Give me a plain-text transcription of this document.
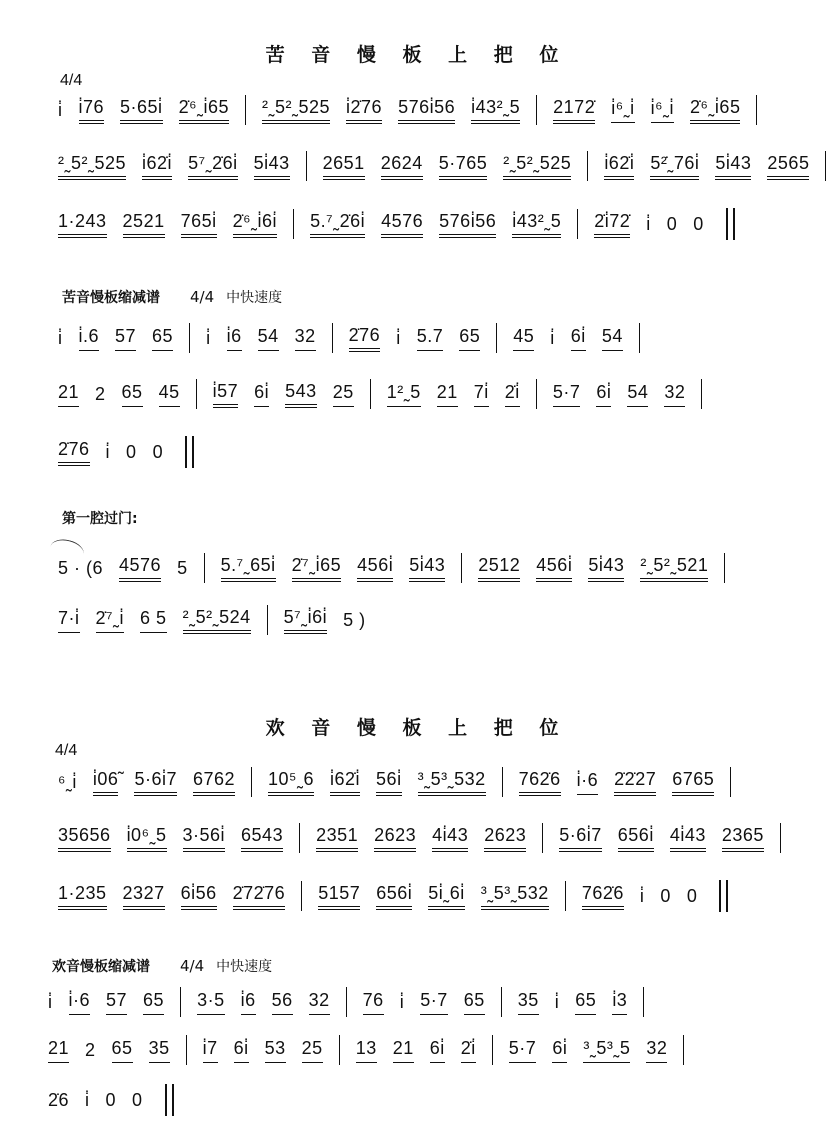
苦 音 慢 板 上 把 位
4/4
i̇ i̇76 5·65i̇ 2̇⁶˷i̇65 ²˷5²˷525 i̇2̇76 576i̇56 i̇43²˷5 2172̇ i̇⁶˷i̇ i̇⁶˷i̇ 2̇⁶˷i̇65
²˷5²˷525 i̇62̇i̇ 5⁷˷2̇6i̇ 5i̇43 2651 2624 5·765 ²˷5²˷525 i̇62̇i̇ 5²̇˷76i̇ 5i̇43 2565
1·243 2521 765i̇ 2̇⁶˷i̇6i̇ 5.⁷˷2̇6i̇ 4576 576i̇56 i̇43²˷5 2̇i̇72̇ i̇ 0 0
苦音慢板缩减谱 4/4 中快速度
i̇ i̇.6 57 65 i̇ i̇6 54 32 2̇76 i̇ 5.7 65 45 i̇ 6i̇ 54
21 2 65 45 i̇57 6i̇ 543 25 1²˷5 21 7i̇ 2̇i̇ 5·7 6i̇ 54 32
2̇76 i̇ 0 0
第一腔过门:
5 · (6 4576 5 5.⁷˷65i̇ 2̇⁷˷i̇65 456i̇ 5i̇43 2512 456i̇ 5i̇43 ²˷5²˷521
7·i̇ 2̇⁷˷i̇ 6 5 ²˷5²˷524 5⁷˷i̇6i̇ 5 )
欢 音 慢 板 上 把 位
4/4
⁶˷i̇ i̇06̃ 5·6i̇7 6762 10⁵˷6 i̇62̇i̇ 56i̇ ³˷5³˷532 762̇6 i̇·6 2̇2̇27 6765
35656 i̇0⁶˷5 3·56i̇ 6543 2351 2623 4i̇43 2623 5·6i̇7 656i̇ 4i̇43 2365
1·235 2327 6i̇56 2̇72̇76 5157 656i̇ 5i̇˷6i̇ ³˷5³˷532 762̇6 i̇ 0 0
欢音慢板缩减谱 4/4 中快速度
i̇ i̇·6 57 65 3·5 i̇6 56 32 76 i̇ 5·7 65 35 i̇ 65 i̇3
21 2 65 35 i̇7 6i̇ 53 25 13 21 6i̇ 2̇i̇ 5·7 6i̇ ³˷5³˷5 32
2̇6 i̇ 0 0
